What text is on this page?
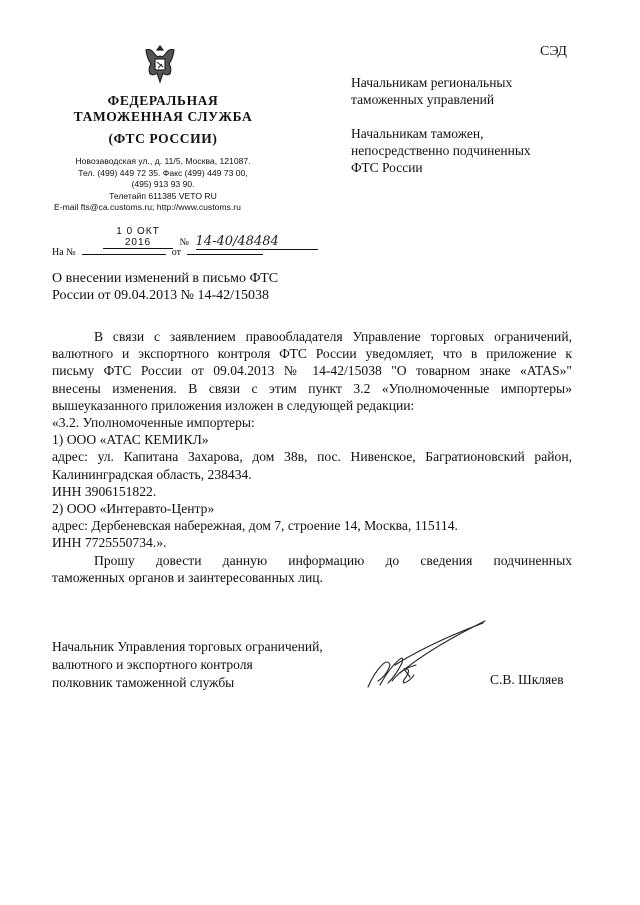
СЭД
ФЕДЕРАЛЬНАЯ
ТАМОЖЕННАЯ СЛУЖБА
(ФТС РОССИИ)
Новозаводская ул., д. 11/5, Москва, 121087.
Тел. (499) 449 72 35. Факс (499) 449 73 00,
(495) 913 93 90.
Телетайп 611385 VETO RU
E-mail fts@ca.customs.ru; http://www.customs.ru
Начальникам региональных
таможенных управлений
Начальникам таможен,
непосредственно подчиненных
ФТС России
1 0 ОКТ 2016	№ 14-40/48484
На №	от
О внесении изменений в письмо ФТС
России от 09.04.2013 № 14-42/15038

В связи с заявлением правообладателя Управление торговых ограничений,

валютного и экспортного контроля ФТС России уведомляет, что в приложение к

письму ФТС России от 09.04.2013 № 14-42/15038 "О товарном знаке «ATAS»"

внесены изменения. В связи с этим пункт 3.2 «Уполномоченные импортеры»

вышеуказанного приложения изложен в следующей редакции:

«3.2. Уполномоченные импортеры:

1) ООО «АТАС КЕМИКЛ»

адрес: ул. Капитана Захарова, дом 38в, пос. Нивенское, Багратионовский район,

Калининградская область, 238434.

ИНН 3906151822.

2) ООО «Интеравто-Центр»

адрес: Дербеневская набережная, дом 7, строение 14, Москва, 115114.

ИНН 7725550734.».

Прошу довести данную информацию до сведения подчиненных

таможенных органов и заинтересованных лиц.

Начальник Управления торговых ограничений,
валютного и экспортного контроля
полковник таможенной службы	С.В. Шкляев
